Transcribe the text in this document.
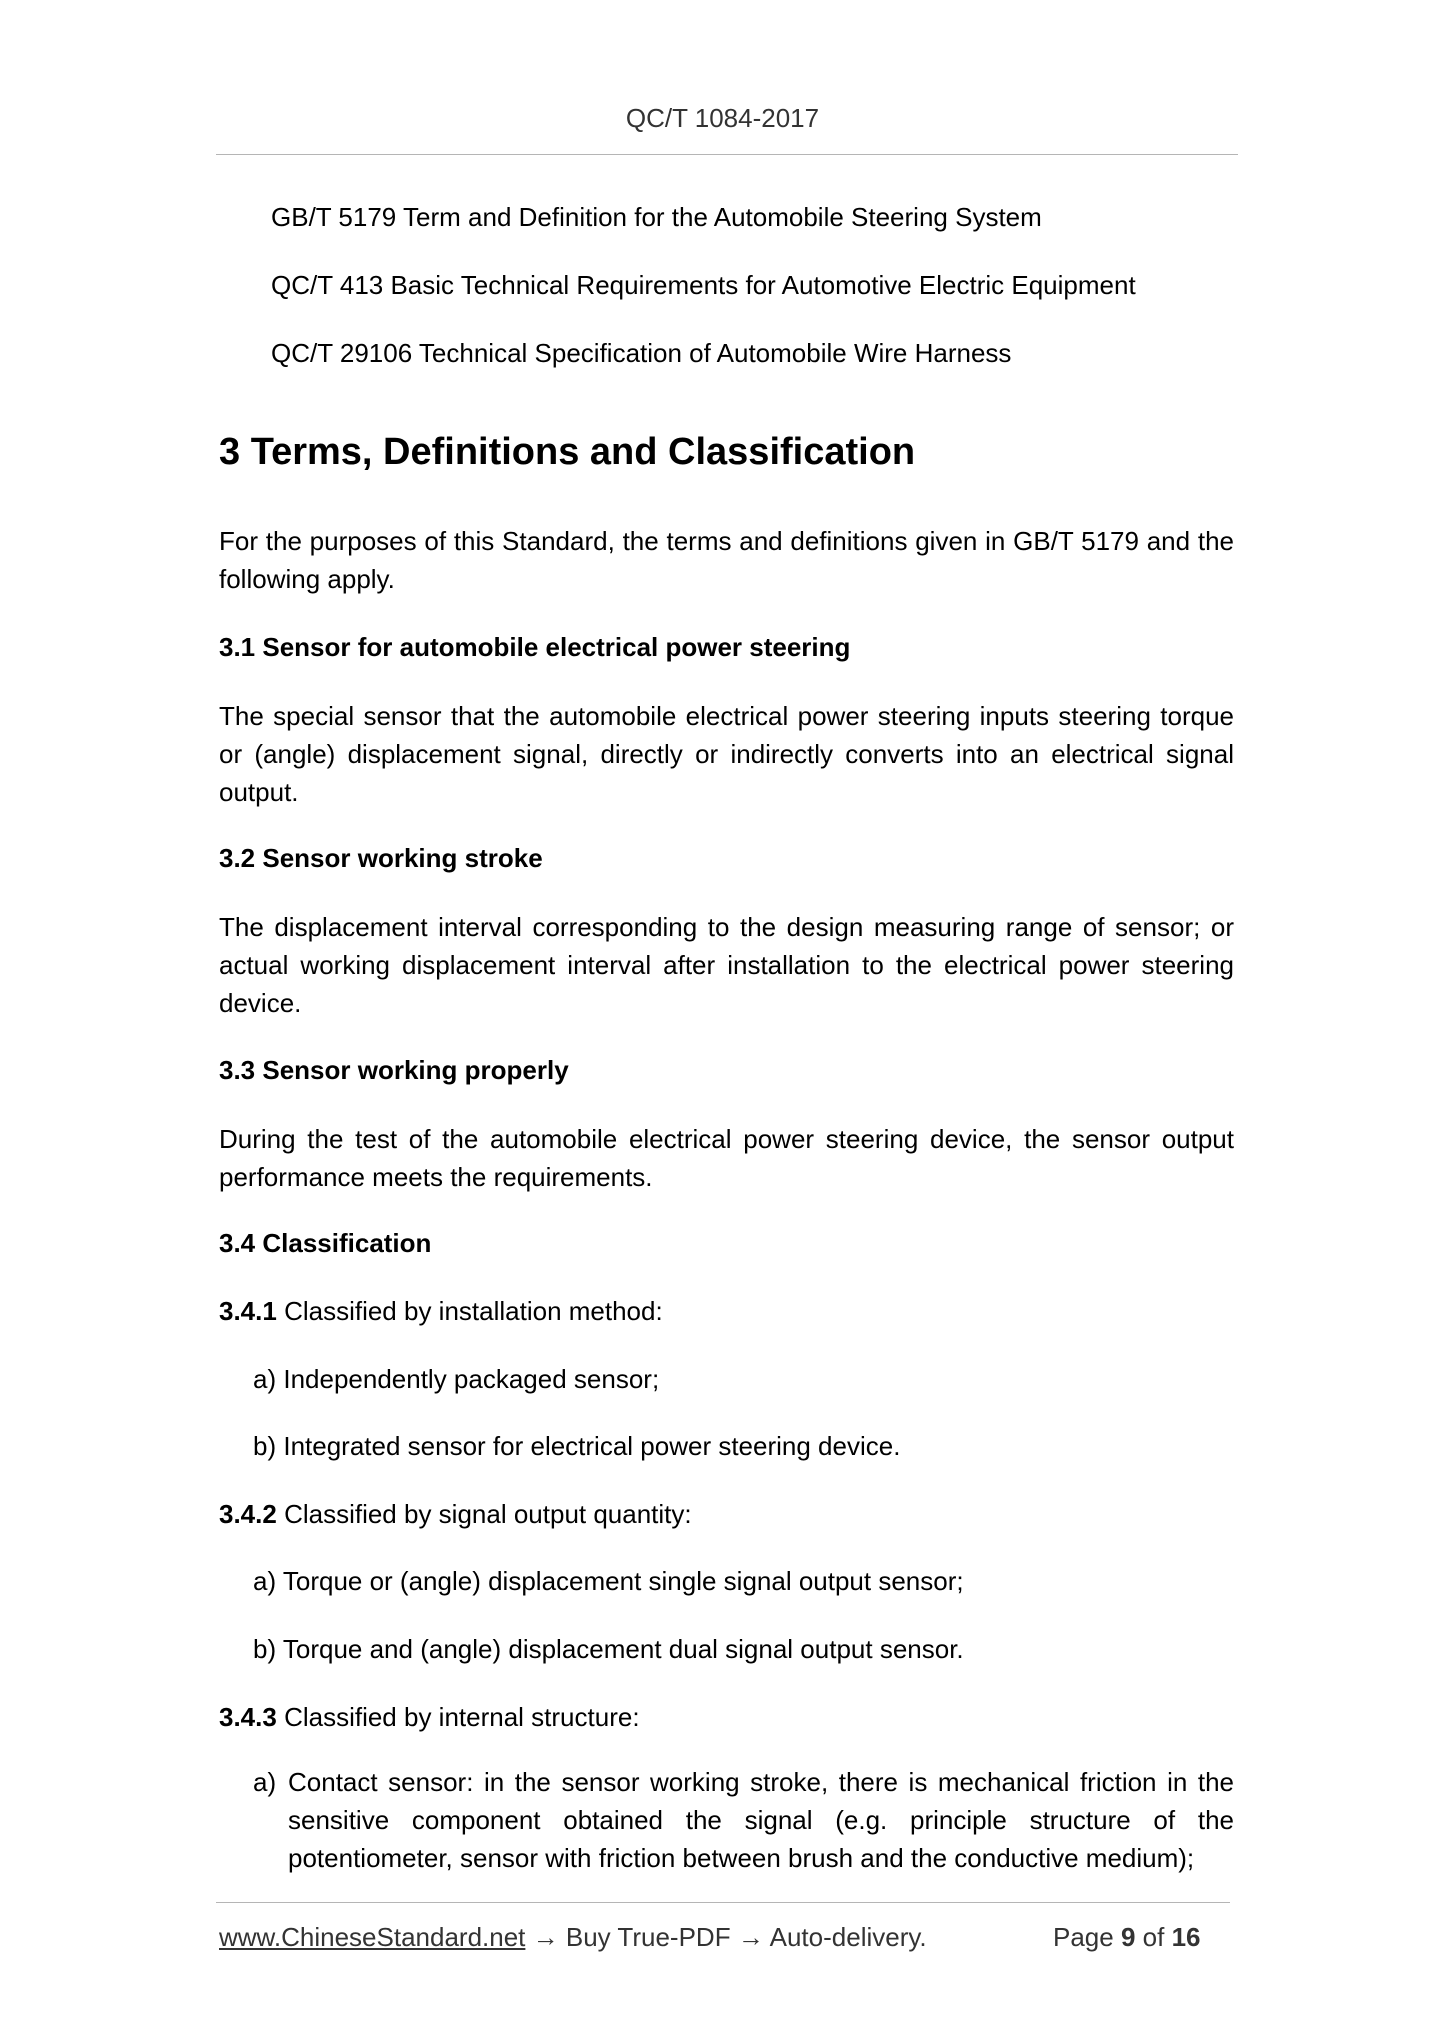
QC/T 1084-2017
GB/T 5179 Term and Definition for the Automobile Steering System
QC/T 413 Basic Technical Requirements for Automotive Electric Equipment
QC/T 29106 Technical Specification of Automobile Wire Harness
3 Terms, Definitions and Classification
For the purposes of this Standard, the terms and definitions given in GB/T 5179 and the following apply.
3.1 Sensor for automobile electrical power steering
The special sensor that the automobile electrical power steering inputs steering torque or (angle) displacement signal, directly or indirectly converts into an electrical signal output.
3.2 Sensor working stroke
The displacement interval corresponding to the design measuring range of sensor; or actual working displacement interval after installation to the electrical power steering device.
3.3 Sensor working properly
During the test of the automobile electrical power steering device, the sensor output performance meets the requirements.
3.4 Classification
3.4.1 Classified by installation method:
a) Independently packaged sensor;
b) Integrated sensor for electrical power steering device.
3.4.2 Classified by signal output quantity:
a) Torque or (angle) displacement single signal output sensor;
b) Torque and (angle) displacement dual signal output sensor.
3.4.3 Classified by internal structure:
a) Contact sensor: in the sensor working stroke, there is mechanical friction in the sensitive component obtained the signal (e.g. principle structure of the potentiometer, sensor with friction between brush and the conductive medium);
www.ChineseStandard.net → Buy True-PDF → Auto-delivery.	Page 9 of 16
